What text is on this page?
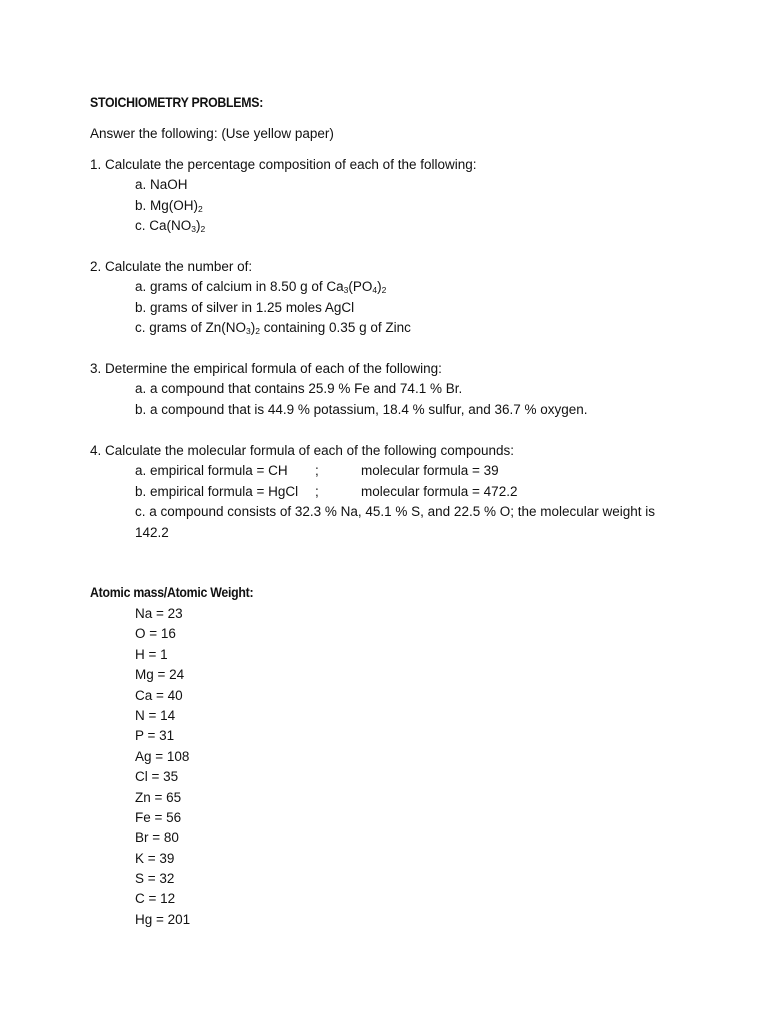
STOICHIOMETRY PROBLEMS:
Answer the following: (Use yellow paper)
1. Calculate the percentage composition of each of the following:
a. NaOH
b. $Mg(OH)_2$
c. $Ca(NO_3)_2$
2. Calculate the number of:
a. grams of calcium in 8.50 g of $Ca_3(PO_4)_2$
b. grams of silver in 1.25 moles AgCl
c. grams of $Zn(NO_3)_2$ containing 0.35 g of Zinc
3. Determine the empirical formula of each of the following:
a. a compound that contains 25.9 % Fe and 74.1 % Br.
b. a compound that is 44.9 % potassium, 18.4 % sulfur, and 36.7 % oxygen.
4. Calculate the molecular formula of each of the following compounds:
a. empirical formula = CH ;	molecular formula = 39
b. empirical formula = HgCl ;	molecular formula = 472.2
c. a compound consists of 32.3 % Na, 45.1 % S, and 22.5 % O; the molecular weight is 142.2
Atomic mass/Atomic Weight:
Na = 23
O = 16
H = 1
Mg = 24
Ca = 40
N = 14
P = 31
Ag = 108
Cl = 35
Zn = 65
Fe = 56
Br = 80
K = 39
S = 32
C = 12
Hg = 201
